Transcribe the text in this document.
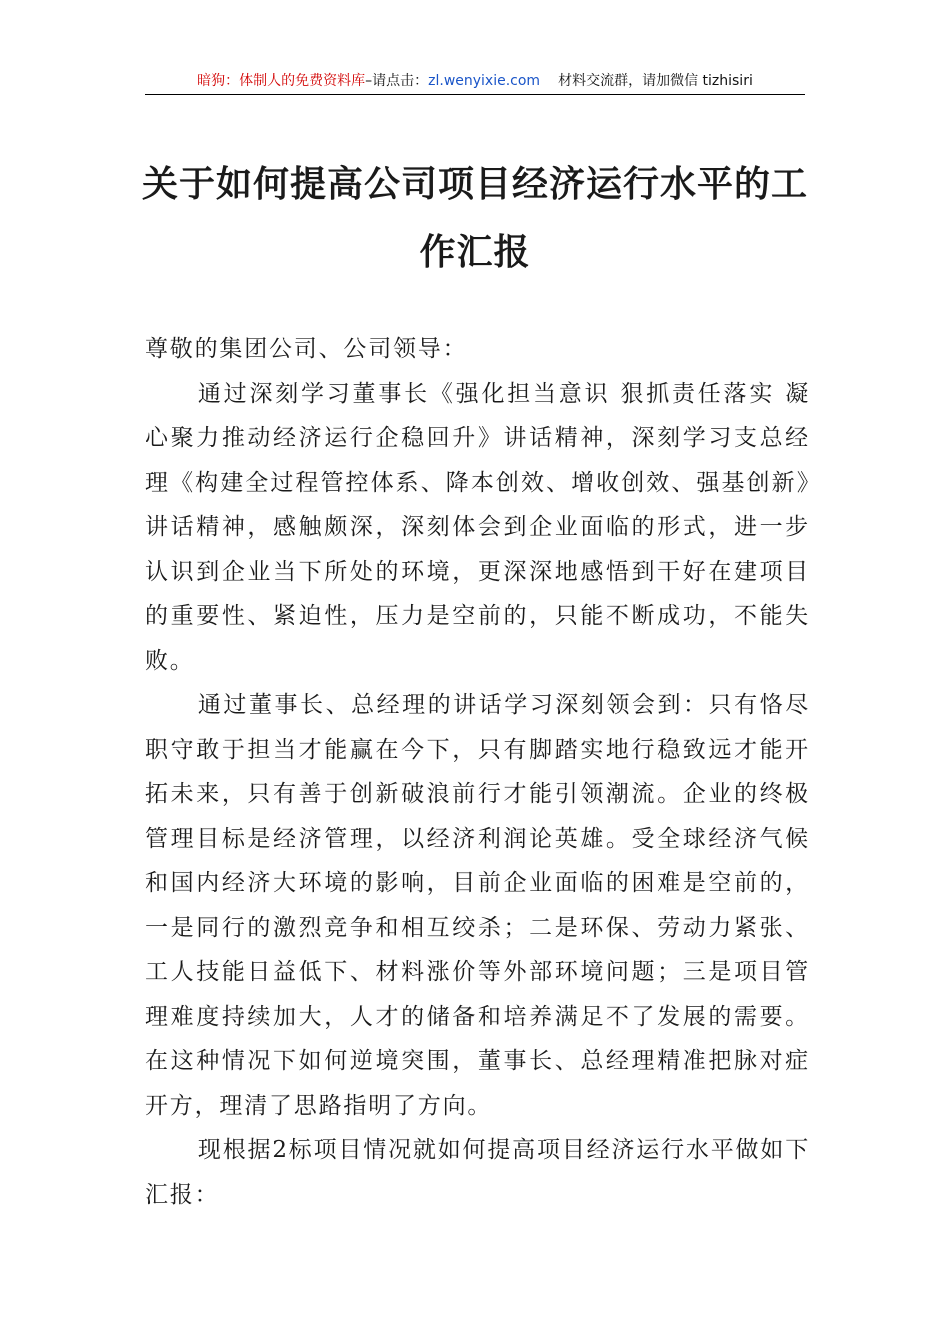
暗狗：体制人的免费资料库 –请点击： zl.wenyixie.com 材料交流群，请加微信 tizhisiri
关于如何提高公司项目经济运行水平的工
作汇报

尊敬的集团公司、公司领导：

通过深刻学习董事长《强化担当意识 狠抓责任落实 凝心聚力推动经济运行企稳回升》讲话精神，深刻学习支总经理《构建全过程管控体系、降本创效、增收创效、强基创新》讲话精神，感触颇深，深刻体会到企业面临的形式，进一步认识到企业当下所处的环境，更深深地感悟到干好在建项目的重要性、紧迫性，压力是空前的，只能不断成功，不能失败。

通过董事长、总经理的讲话学习深刻领会到：只有恪尽职守敢于担当才能赢在今下，只有脚踏实地行稳致远才能开拓未来，只有善于创新破浪前行才能引领潮流。企业的终极管理目标是经济管理，以经济利润论英雄。受全球经济气候和国内经济大环境的影响，目前企业面临的困难是空前的，一是同行的激烈竞争和相互绞杀；二是环保、劳动力紧张、工人技能日益低下、材料涨价等外部环境问题；三是项目管理难度持续加大，人才的储备和培养满足不了发展的需要。在这种情况下如何逆境突围，董事长、总经理精准把脉对症开方，理清了思路指明了方向。

现根据2标项目情况就如何提高项目经济运行水平做如下汇报：
